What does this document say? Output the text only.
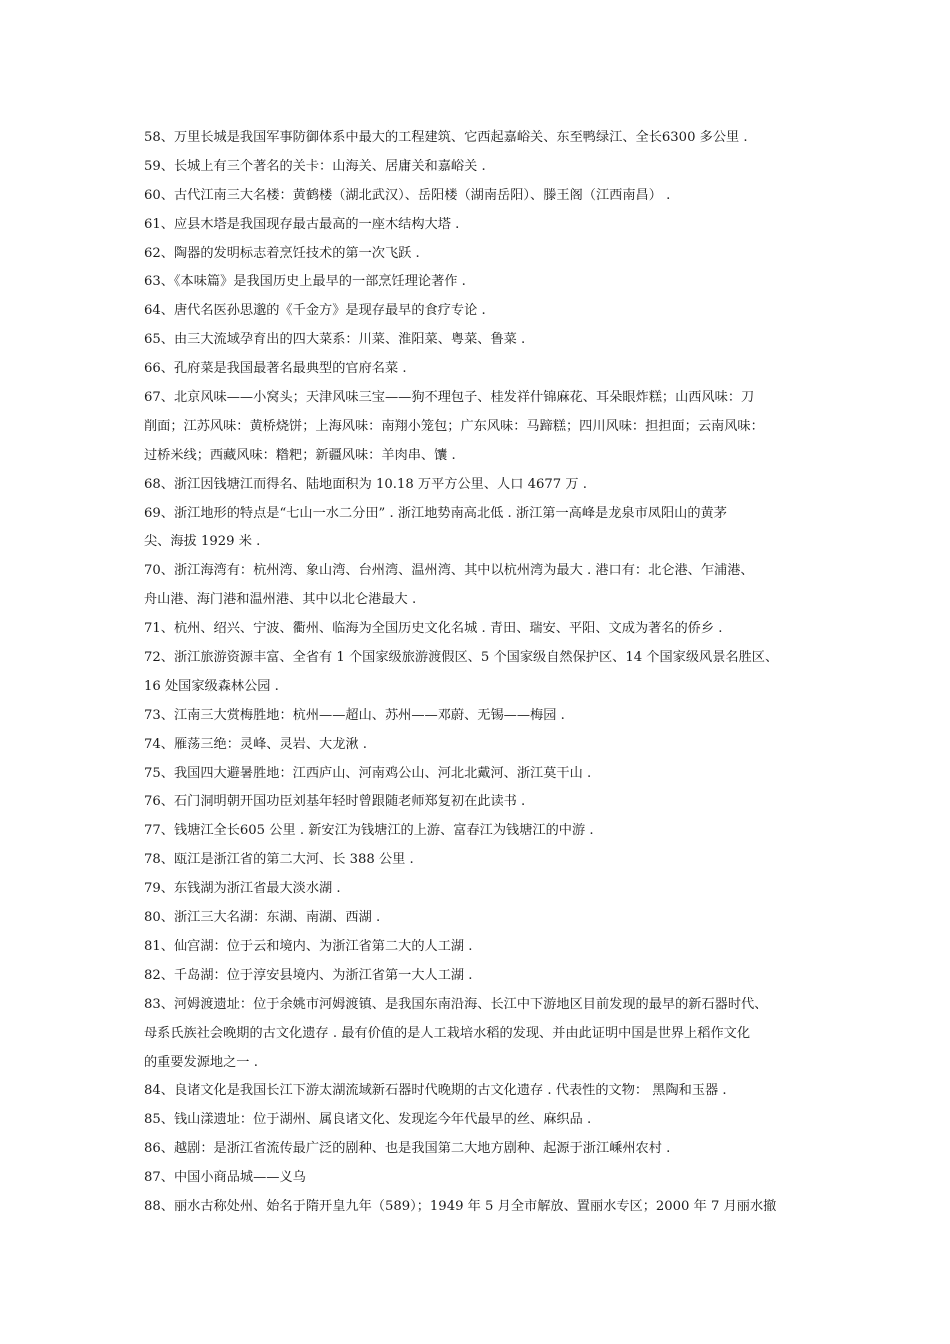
58、万里长城是我国军事防御体系中最大的工程建筑、它西起嘉峪关、东至鸭绿江、全长6300 多公里 .
59、长城上有三个著名的关卡：山海关、居庸关和嘉峪关 .
60、古代江南三大名楼：黄鹤楼（湖北武汉）、岳阳楼（湖南岳阳）、滕王阁（江西南昌） .
61、应县木塔是我国现存最古最高的一座木结构大塔 .
62、陶器的发明标志着烹饪技术的第一次飞跃 .
63、《本味篇》是我国历史上最早的一部烹饪理论著作 .
64、唐代名医孙思邈的《千金方》是现存最早的食疗专论 .
65、由三大流域孕育出的四大菜系：川菜、淮阳菜、粤菜、鲁菜 .
66、孔府菜是我国最著名最典型的官府名菜 .
67、北京风味——小窝头；天津风味三宝——狗不理包子、桂发祥什锦麻花、耳朵眼炸糕；山西风味：刀
削面；江苏风味：黄桥烧饼；上海风味：南翔小笼包；广东风味：马蹄糕；四川风味：担担面；云南风味：
过桥米线；西藏风味：糌粑；新疆风味：羊肉串、馕 .
68、浙江因钱塘江而得名、陆地面积为 10.18 万平方公里、人口 4677 万 .
69、浙江地形的特点是“七山一水二分田” . 浙江地势南高北低 . 浙江第一高峰是龙泉市凤阳山的黄茅
尖、海拔 1929 米 .
70、浙江海湾有：杭州湾、象山湾、台州湾、温州湾、其中以杭州湾为最大 . 港口有：北仑港、乍浦港、
舟山港、海门港和温州港、其中以北仑港最大 .
71、杭州、绍兴、宁波、衢州、临海为全国历史文化名城 . 青田、瑞安、平阳、文成为著名的侨乡 .
72、浙江旅游资源丰富、全省有 1 个国家级旅游渡假区、5 个国家级自然保护区、14 个国家级风景名胜区、
16 处国家级森林公园 .
73、江南三大赏梅胜地：杭州——超山、苏州——邓蔚、无锡——梅园 .
74、雁荡三绝：灵峰、灵岩、大龙湫 .
75、我国四大避暑胜地：江西庐山、河南鸡公山、河北北戴河、浙江莫干山 .
76、石门洞明朝开国功臣刘基年轻时曾跟随老师郑复初在此读书 .
77、钱塘江全长605 公里 . 新安江为钱塘江的上游、富春江为钱塘江的中游 .
78、瓯江是浙江省的第二大河、长 388 公里 .
79、东钱湖为浙江省最大淡水湖 .
80、浙江三大名湖：东湖、南湖、西湖 .
81、仙宫湖：位于云和境内、为浙江省第二大的人工湖 .
82、千岛湖：位于淳安县境内、为浙江省第一大人工湖 .
83、河姆渡遗址：位于余姚市河姆渡镇、是我国东南沿海、长江中下游地区目前发现的最早的新石器时代、
母系氏族社会晚期的古文化遗存 . 最有价值的是人工栽培水稻的发现、并由此证明中国是世界上稻作文化
的重要发源地之一 .
84、良诸文化是我国长江下游太湖流域新石器时代晚期的古文化遗存 . 代表性的文物： 黑陶和玉器 .
85、钱山漾遗址：位于湖州、属良诸文化、发现迄今年代最早的丝、麻织品 .
86、越剧：是浙江省流传最广泛的剧种、也是我国第二大地方剧种、起源于浙江嵊州农村 .
87、中国小商品城——义乌
88、丽水古称处州、始名于隋开皇九年（589）；1949 年 5 月全市解放、置丽水专区；2000 年 7 月丽水撤
